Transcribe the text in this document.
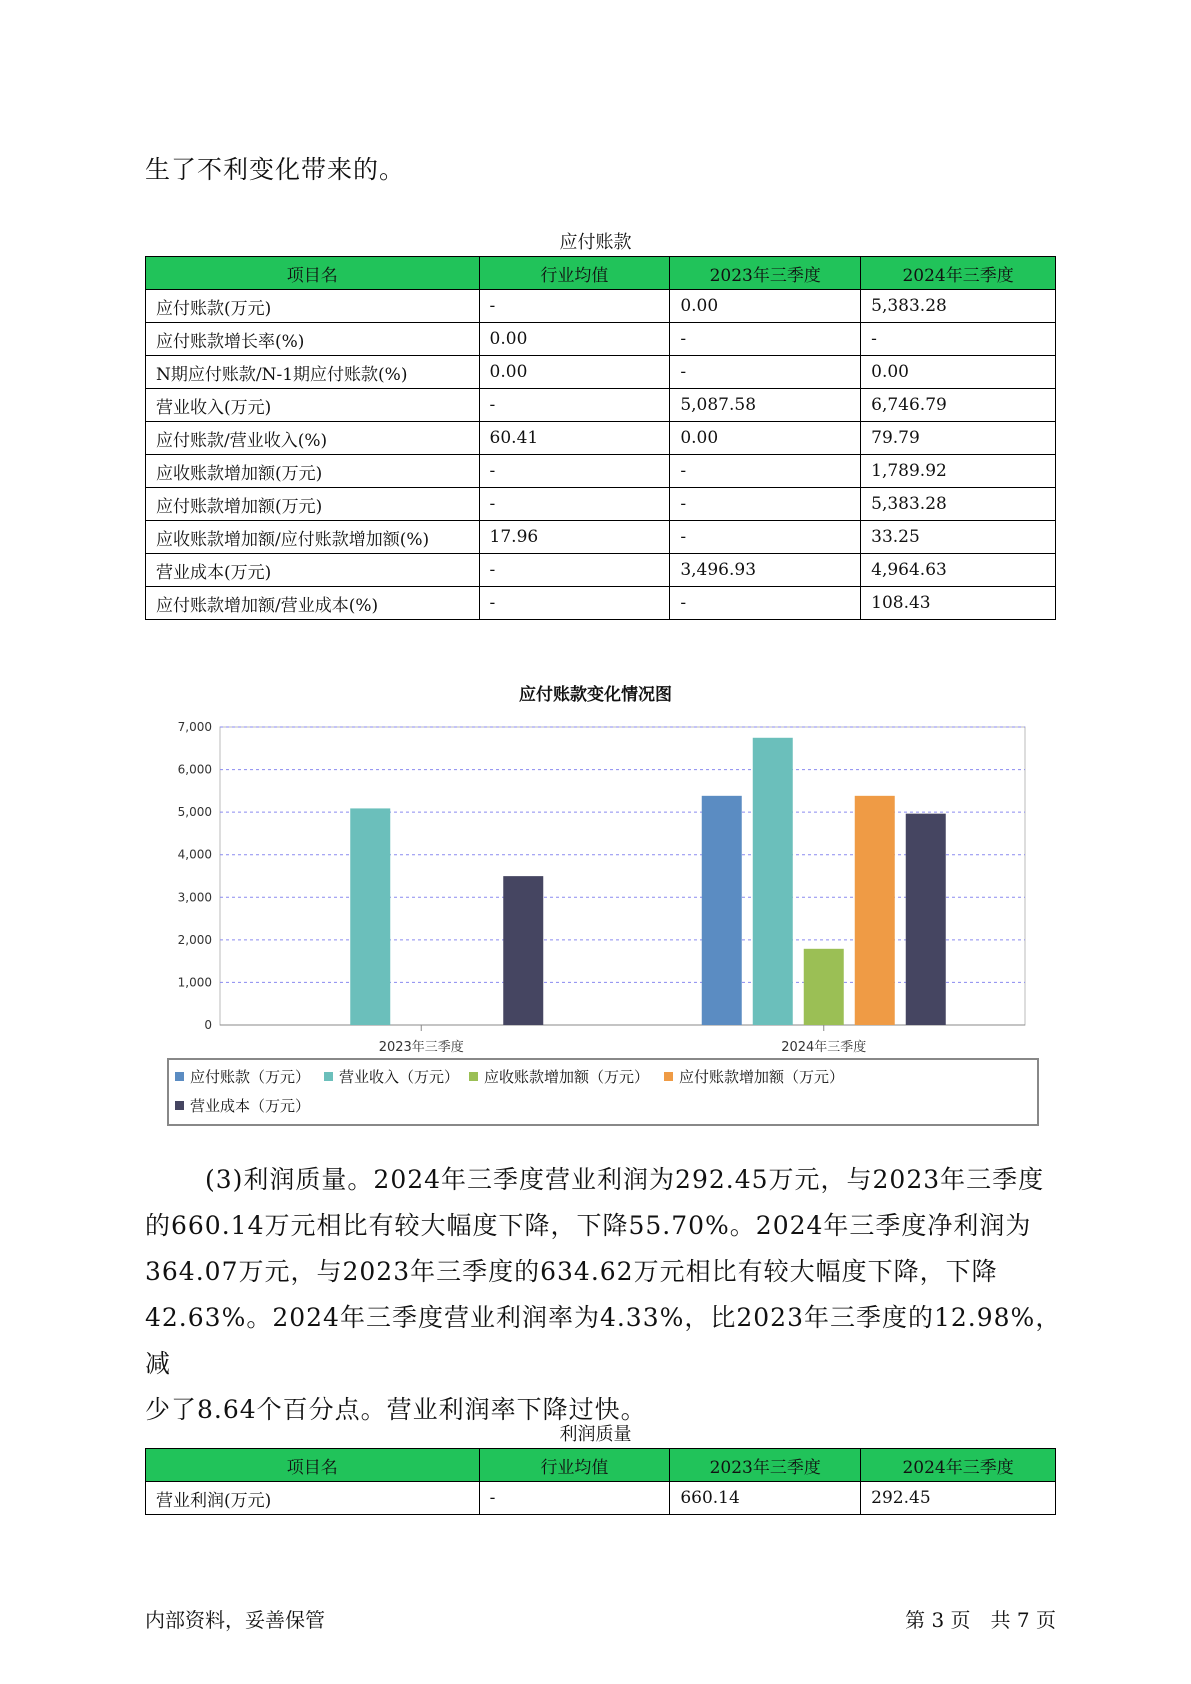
生了不利变化带来的。
应付账款
项目名	行业均值	2023年三季度	2024年三季度
应付账款(万元)	-	0.00	5,383.28
应付账款增长率(%)	0.00	-	-
N期应付账款/N-1期应付账款(%)	0.00	-	0.00
营业收入(万元)	-	5,087.58	6,746.79
应付账款/营业收入(%)	60.41	0.00	79.79
应收账款增加额(万元)	-	-	1,789.92
应付账款增加额(万元)	-	-	5,383.28
应收账款增加额/应付账款增加额(%)	17.96	-	33.25
营业成本(万元)	-	3,496.93	4,964.63
应付账款增加额/营业成本(%)	-	-	108.43
应付账款变化情况图
0
1,000
2,000
3,000
4,000
5,000
6,000
7,000
2023年三季度	2024年三季度
应付账款（万元） 营业收入（万元） 应收账款增加额（万元） 应付账款增加额（万元）
营业成本（万元）
(3)利润质量。2024年三季度营业利润为292.45万元，与2023年三季度
的660.14万元相比有较大幅度下降，下降55.70%。2024年三季度净利润为
364.07万元，与2023年三季度的634.62万元相比有较大幅度下降，下降
42.63%。2024年三季度营业利润率为4.33%，比2023年三季度的12.98%，减
少了8.64个百分点。营业利润率下降过快。
利润质量
项目名	行业均值	2023年三季度	2024年三季度
营业利润(万元)	-	660.14	292.45
内部资料，妥善保管	第 3 页　共 7 页
